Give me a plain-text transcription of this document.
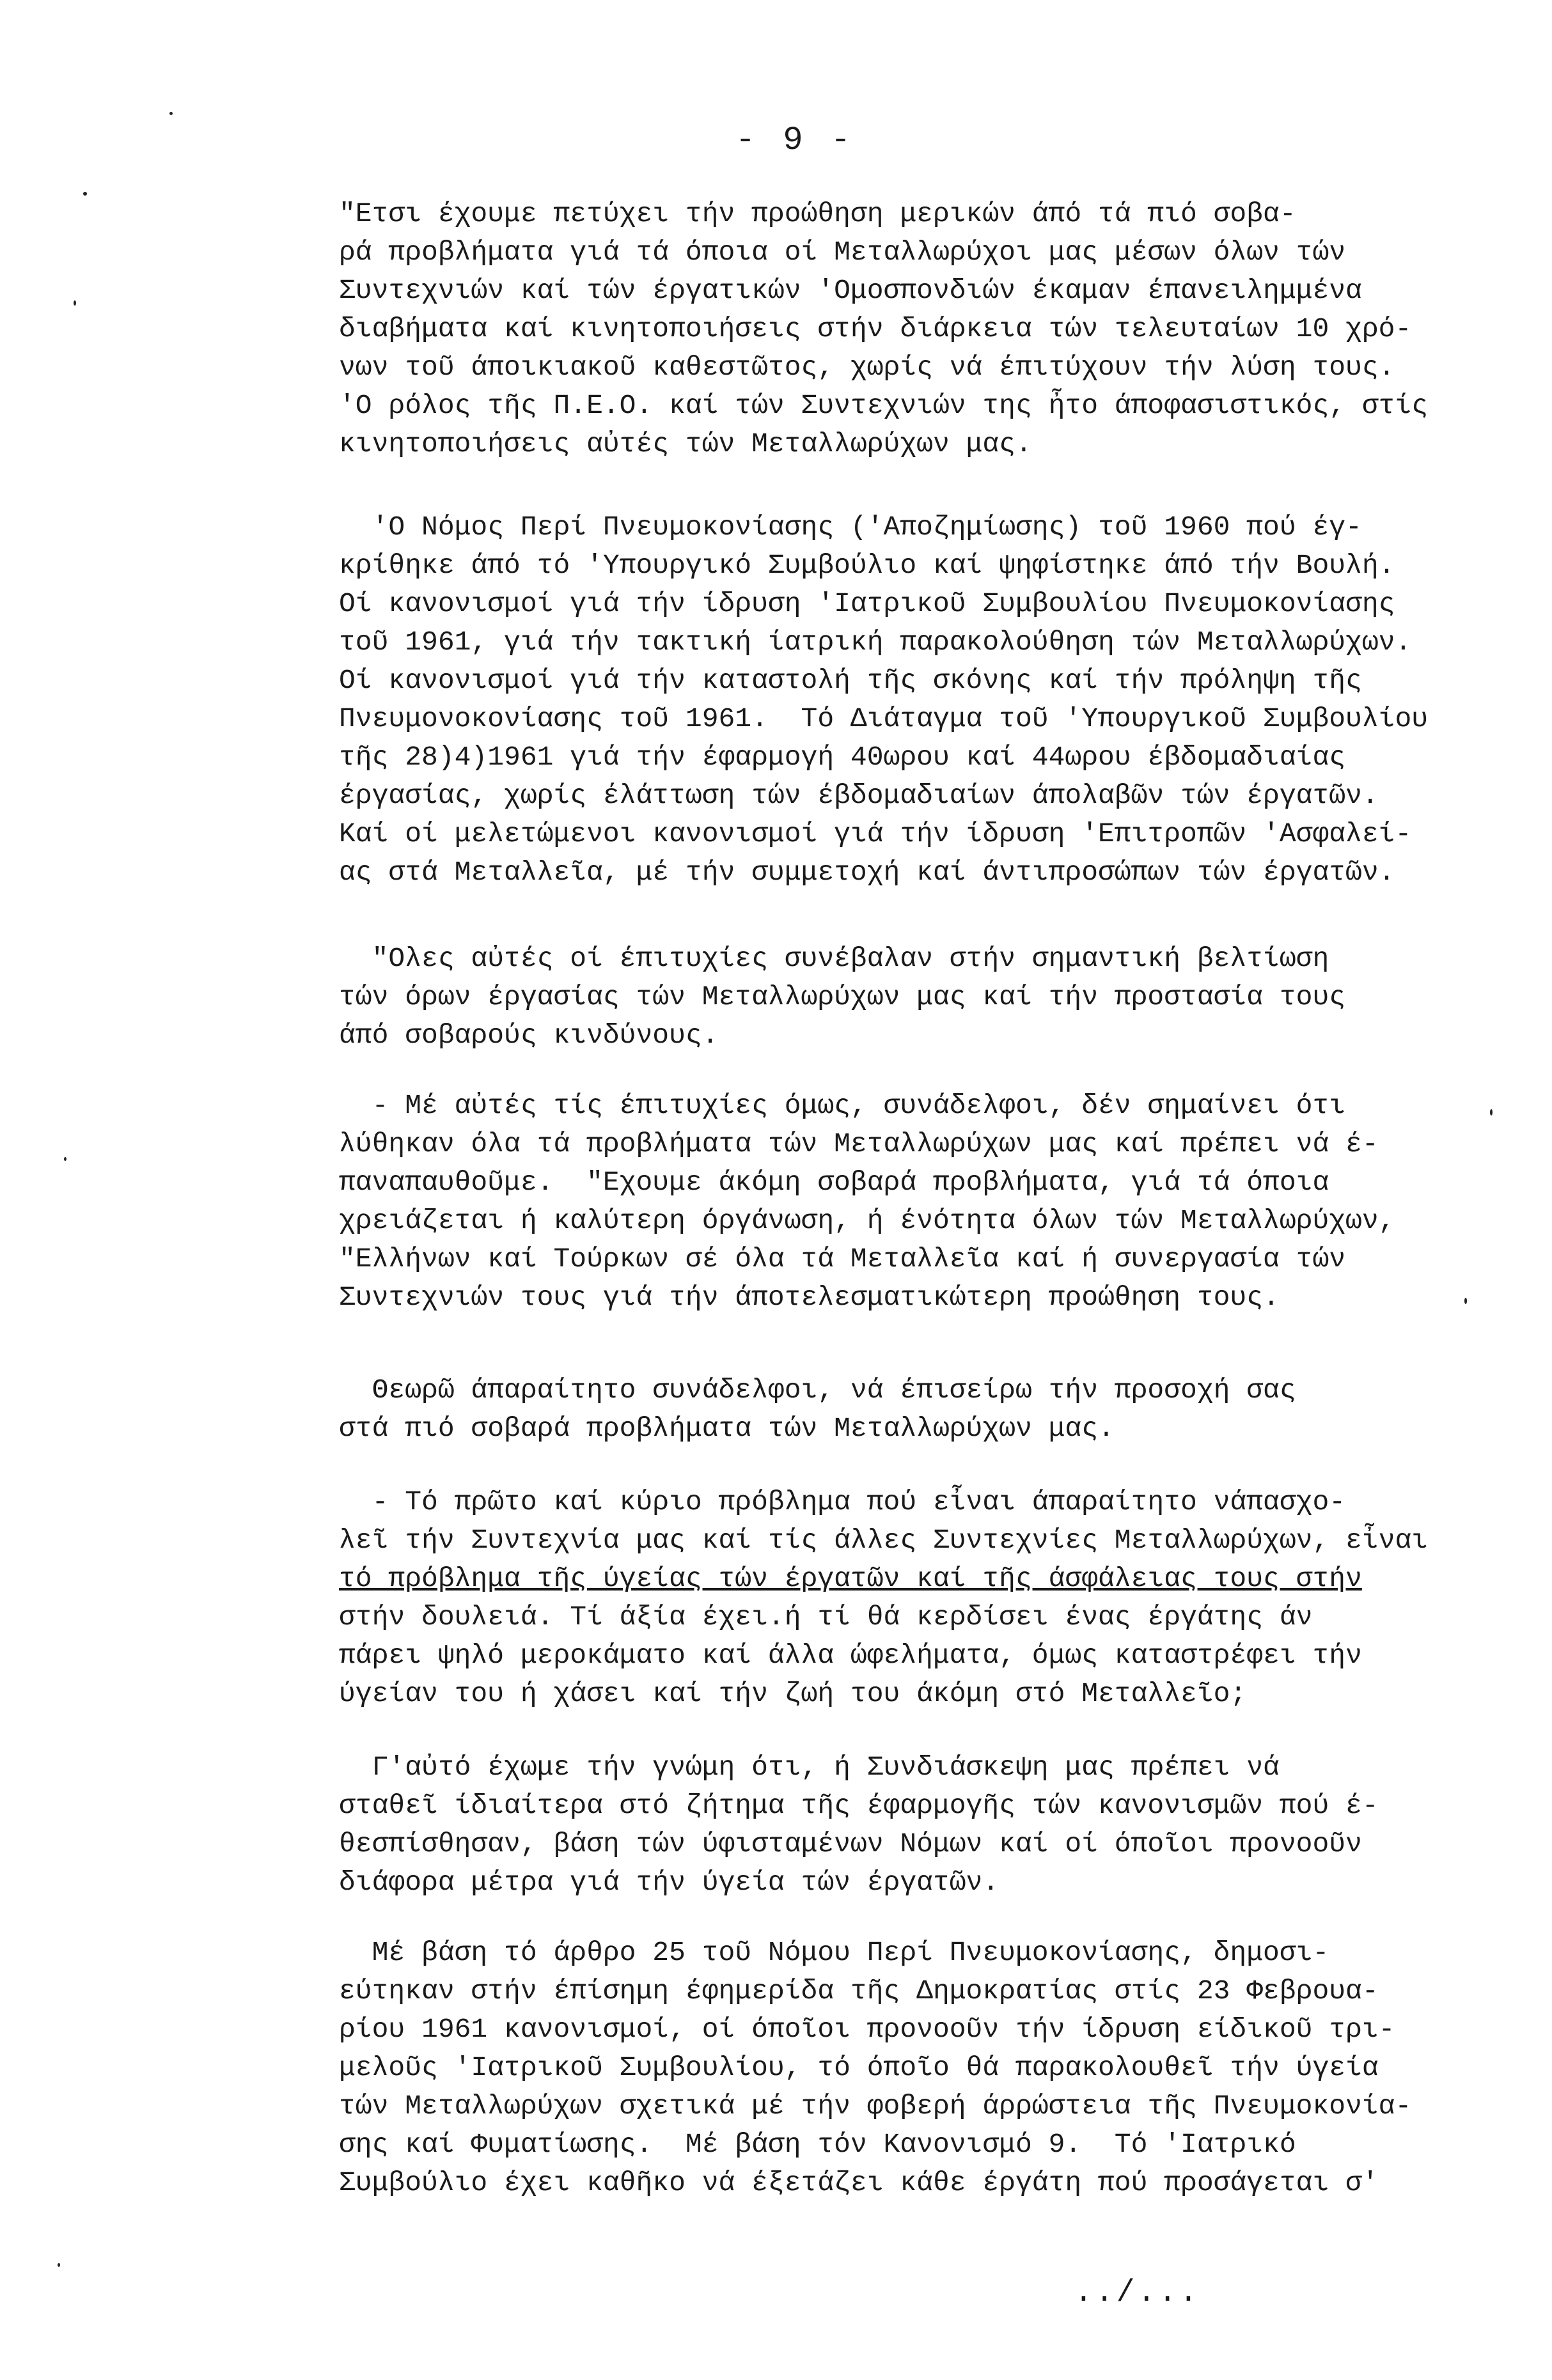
- 9 -

"Ετσι έχουμε πετύχει τήν προώθηση μερικών άπό τά πιό σοβα-
ρά προβλήματα γιά τά όποια οί Μεταλλωρύχοι μας μέσων όλων τών
Συντεχνιών καί τών έργατικών 'Ομοσπονδιών έκαμαν έπανειλημμένα
διαβήματα καί κινητοποιήσεις στήν διάρκεια τών τελευταίων 10 χρό-
νων τοῦ άποικιακοῦ καθεστῶτος, χωρίς νά έπιτύχουν τήν λύση τους.
'Ο ρόλος τῆς Π.Ε.Ο. καί τών Συντεχνιών της ἦτο άποφασιστικός, στίς
κινητοποιήσεις αὐτές τών Μεταλλωρύχων μας.

'Ο Νόμος Περί Πνευμοκονίασης ('Αποζημίωσης) τοῦ 1960 πού έγ-
κρίθηκε άπό τό 'Υπουργικό Συμβούλιο καί ψηφίστηκε άπό τήν Βουλή.
Οί κανονισμοί γιά τήν ίδρυση 'Ιατρικοῦ Συμβουλίου Πνευμοκονίασης
τοῦ 1961, γιά τήν τακτική ίατρική παρακολούθηση τών Μεταλλωρύχων.
Οί κανονισμοί γιά τήν καταστολή τῆς σκόνης καί τήν πρόληψη τῆς
Πνευμονοκονίασης τοῦ 1961.  Τό Διάταγμα τοῦ 'Υπουργικοῦ Συμβουλίου
τῆς 28)4)1961 γιά τήν έφαρμογή 40ωρου καί 44ωρου έβδομαδιαίας
έργασίας, χωρίς έλάττωση τών έβδομαδιαίων άπολαβῶν τών έργατῶν.
Καί οί μελετώμενοι κανονισμοί γιά τήν ίδρυση 'Επιτροπῶν 'Ασφαλεί-
ας στά Μεταλλεῖα, μέ τήν συμμετοχή καί άντιπροσώπων τών έργατῶν.

"Ολες αὐτές οί έπιτυχίες συνέβαλαν στήν σημαντική βελτίωση
τών όρων έργασίας τών Μεταλλωρύχων μας καί τήν προστασία τους
άπό σοβαρούς κινδύνους.

- Μέ αὐτές τίς έπιτυχίες όμως, συνάδελφοι, δέν σημαίνει ότι
λύθηκαν όλα τά προβλήματα τών Μεταλλωρύχων μας καί πρέπει νά έ-
παναπαυθοῦμε.  "Εχουμε άκόμη σοβαρά προβλήματα, γιά τά όποια
χρειάζεται ή καλύτερη όργάνωση, ή ένότητα όλων τών Μεταλλωρύχων,
"Ελλήνων καί Τούρκων σέ όλα τά Μεταλλεῖα καί ή συνεργασία τών
Συντεχνιών τους γιά τήν άποτελεσματικώτερη προώθηση τους.

Θεωρῶ άπαραίτητο συνάδελφοι, νά έπισείρω τήν προσοχή σας
στά πιό σοβαρά προβλήματα τών Μεταλλωρύχων μας.

- Τό πρῶτο καί κύριο πρόβλημα πού εἶναι άπαραίτητο νάπασχο-
λεῖ τήν Συντεχνία μας καί τίς άλλες Συντεχνίες Μεταλλωρύχων, εἶναι
τό πρόβλημα τῆς ύγείας τών έργατῶν καί τῆς άσφάλειας τους στήν
στήν δουλειά. Τί άξία έχει.ή τί θά κερδίσει ένας έργάτης άν
πάρει ψηλό μεροκάματο καί άλλα ώφελήματα, όμως καταστρέφει τήν
ύγείαν του ή χάσει καί τήν ζωή του άκόμη στό Μεταλλεῖο;

Γ'αὐτό έχωμε τήν γνώμη ότι, ή Συνδιάσκεψη μας πρέπει νά
σταθεῖ ίδιαίτερα στό ζήτημα τῆς έφαρμογῆς τών κανονισμῶν πού έ-
θεσπίσθησαν, βάση τών ύφισταμένων Νόμων καί οί όποῖοι προνοοῦν
διάφορα μέτρα γιά τήν ύγεία τών έργατῶν.

Μέ βάση τό άρθρο 25 τοῦ Νόμου Περί Πνευμοκονίασης, δημοσι-
εύτηκαν στήν έπίσημη έφημερίδα τῆς Δημοκρατίας στίς 23 Φεβρουα-
ρίου 1961 κανονισμοί, οί όποῖοι προνοοῦν τήν ίδρυση είδικοῦ τρι-
μελοῦς 'Ιατρικοῦ Συμβουλίου, τό όποῖο θά παρακολουθεῖ τήν ύγεία
τών Μεταλλωρύχων σχετικά μέ τήν φοβερή άρρώστεια τῆς Πνευμοκονία-
σης καί Φυματίωσης.  Μέ βάση τόν Κανονισμό 9.  Τό 'Ιατρικό
Συμβούλιο έχει καθῆκο νά έξετάζει κάθε έργάτη πού προσάγεται σ'

../...
